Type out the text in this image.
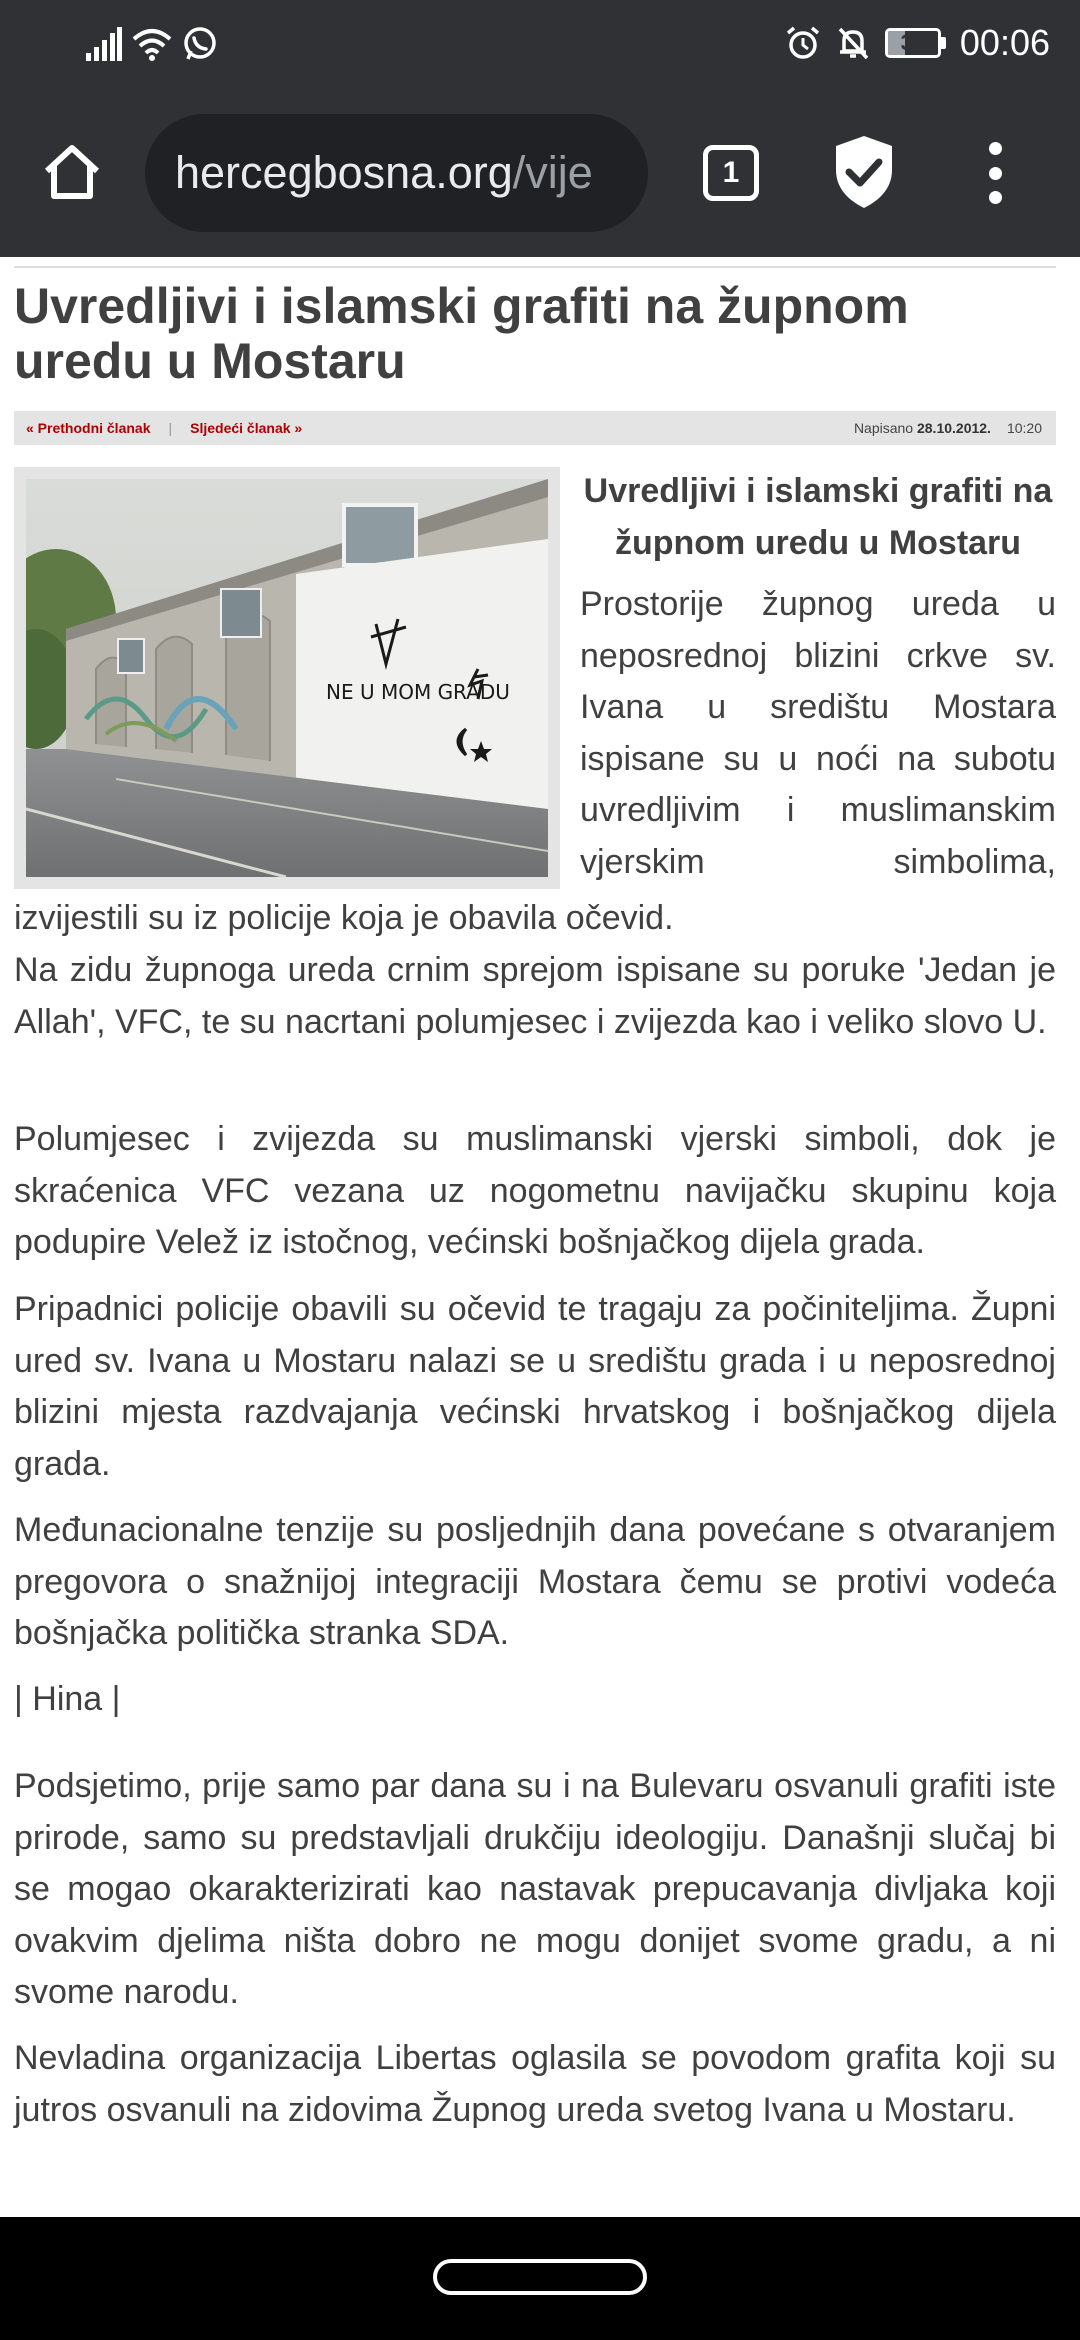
34 00:06
hercegbosna.org /vije	1
Uvredljivi i islamski grafiti na župnom uredu u Mostaru
« Prethodni članak | Sljedeći članak »	Napisano 28.10.2012. 10:20
NE U MOM GRADU
Uvredljivi i islamski grafiti na župnom uredu u Mostaru

Prostorije župnog ureda u neposrednoj blizini crkve sv. Ivana u središtu Mostara ispisane su u noći na subotu uvredljivim i muslimanskim vjerskim simbolima,

izvijestili su iz policije koja je obavila očevid.

Na zidu župnoga ureda crnim sprejom ispisane su poruke 'Jedan je Allah', VFC, te su nacrtani polumjesec i zvijezda kao i veliko slovo U.

Polumjesec i zvijezda su muslimanski vjerski simboli, dok je skraćenica VFC vezana uz nogometnu navijačku skupinu koja podupire Velež iz istočnog, većinski bošnjačkog dijela grada.

Pripadnici policije obavili su očevid te tragaju za počiniteljima. Župni ured sv. Ivana u Mostaru nalazi se u središtu grada i u neposrednoj blizini mjesta razdvajanja većinski hrvatskog i bošnjačkog dijela grada.

Međunacionalne tenzije su posljednjih dana povećane s otvaranjem pregovora o snažnijoj integraciji Mostara čemu se protivi vodeća bošnjačka politička stranka SDA.

| Hina |

Podsjetimo, prije samo par dana su i na Bulevaru osvanuli grafiti iste prirode, samo su predstavljali drukčiju ideologiju. Današnji slučaj bi se mogao okarakterizirati kao nastavak prepucavanja divljaka koji ovakvim djelima ništa dobro ne mogu donijet svome gradu, a ni svome narodu.

Nevladina organizacija Libertas oglasila se povodom grafita koji su jutros osvanuli na zidovima Župnog ureda svetog Ivana u Mostaru.
